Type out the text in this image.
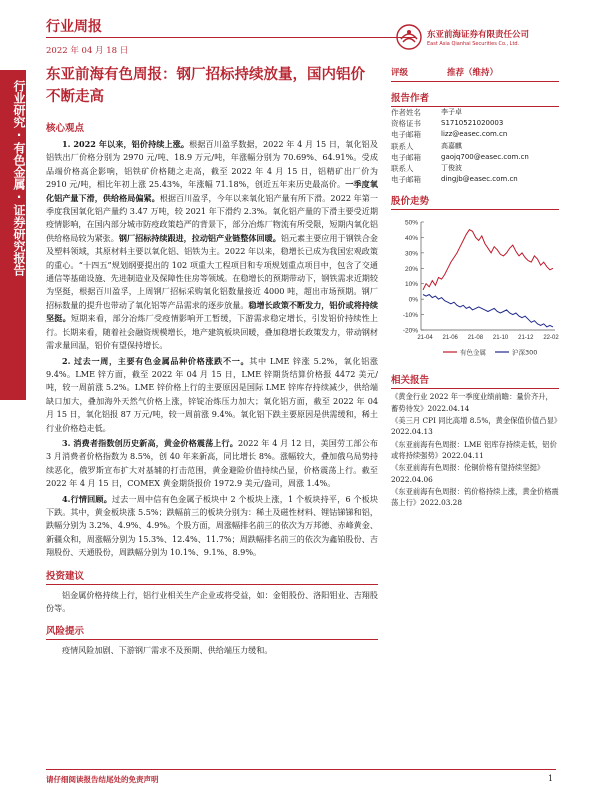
行业周报
2022 年 04 月 18 日
东亚前海证券有限责任公司
East Asia Qianhai Securities Co., Ltd.
行业研究·有色金属·证券研究报告
东亚前海有色周报：钢厂招标持续放量，国内铝价不断走高
核心观点

1. 2022 年以来，铝价持续上涨。根据百川盈孚数据，2022 年 4 月 15 日，氧化铝及铝铁出厂价格分别为 2970 元/吨、18.9 万元/吨，年涨幅分别为 70.69%、64.91%。受成品端价格高企影响，铝铁矿价格随之走高，截至 2022 年 4 月 15 日，铝精矿出厂价为 2910 元/吨，相比年初上涨 25.43%，年涨幅 71.18%，创近五年来历史最高价。一季度氧化铝产量下滑，供给格局偏紧。根据百川盈孚，今年以来氧化铝产量有所下滑。2022 年第一季度我国氧化铝产量约 3.47 万吨，较 2021 年下滑约 2.3%。氧化铝产量的下滑主要受近期疫情影响，在国内部分城市防疫政策趋严的背景下，部分冶炼厂物流有所受限，短期内氧化铝供给格局较为紧张。钢厂招标持续跟进，拉动铝产业链整体回暖。铝元素主要应用于钢铁合金及塑料领域，其原材料主要以氧化铝、铝铁为主。2022 年以来，稳增长已成为我国宏观政策的重心。“十四五”规划纲要提出的 102 项重大工程项目和专项规划重点项目中，包含了交通通信等基础设施、先进制造业及保障性住房等领域。在稳增长的预期带动下，钢铁需求近期较为坚挺，根据百川盈孚，上周钢厂招标采购氧化铝数量接近 4000 吨，超出市场预期。钢厂招标数量的提升也带动了氧化铝等产品需求的逐步放量。稳增长政策不断发力，铝价或将持续坚挺。短期来看，部分冶炼厂受疫情影响开工暂缓，下游需求稳定增长，引发铝价持续性上行。长期来看，随着社会融资规模增长，地产建筑板块回暖，叠加稳增长政策发力，带动钢材需求量回温，铝价有望保持增长。

2. 过去一周，主要有色金属品种价格涨跌不一。其中 LME 锌涨 5.2%，氧化铝涨 9.4%。LME 锌方面，截至 2022 年 04 月 15 日，LME 锌期货结算价格报 4472 美元/吨，较一周前涨 5.2%。LME 锌价格上行的主要原因是国际 LME 锌库存持续减少，供给端缺口加大，叠加海外天然气价格上涨，锌锭冶炼压力加大；氧化铝方面，截至 2022 年 04 月 15 日，氧化铝报 87 万元/吨，较一周前涨 9.4%。氧化铝下跌主要原因是供需缓和，稀土行业价格趋走低。

3. 消费者指数创历史新高，黄金价格震荡上行。2022 年 4 月 12 日，美国劳工部公布 3 月消费者价格指数为 8.5%，创 40 年来新高，同比增长 8%。涨幅较大，叠加俄乌局势持续恶化，俄罗斯宣布扩大对基辅的打击范围，黄金避险价值持续凸显，价格震荡上行。截至 2022 年 4 月 15 日，COMEX 黄金期货报价 1972.9 美元/盎司，周涨 1.4%。

4.行情回顾。过去一周中信有色金属子板块中 2 个板块上涨，1 个板块持平，6 个板块下跌。其中，黄金板块涨 5.5%；跌幅前三的板块分别为：稀土及磁性材料、锂钴锑锑和铝，跌幅分别为 3.2%、4.9%、4.9%。个股方面，周涨幅排名前三的依次为万邦德、赤峰黄金、新疆众和，周涨幅分别为 15.3%、12.4%、11.7%；周跌幅排名前三的依次为鑫铂股份、吉翔股份、天通股份，周跌幅分别为 10.1%、9.1%、8.9%。

投资建议

铝金属价格持续上行，铝行业相关生产企业或将受益，如：金钼股份、洛阳钼业、吉翔股份等。

风险提示

疫情风险加剧、下游钢厂需求不及预期、供给端压力缓和。

评级	推荐（维持）
报告作者
作者姓名	李子卓
资格证书	S1710521020003
电子邮箱	lizz@easec.com.cn
联系人	高嘉麒
电子邮箱	gaojq700@easec.com.cn
联系人	丁俊波
电子邮箱	dingjb@easec.com.cn
股价走势
50%
40%
30%
20%
10%
0%
-10%
-20%
21-04 21-06 21-08 21-10 21-12 22-02
有色金属	沪深300
相关报告
《黄金行业 2022 年一季度业绩前瞻：量价齐升，蓄势待发》2022.04.14
《美三月 CPI 同比高增 8.5%，黄金保值价值凸显》2022.04.13
《东亚前海有色周报：LME 铝库存持续走低，铝价或将持续强势》2022.04.11
《东亚前海有色周报：伦铜价格有望持续坚挺》2022.04.06
《东亚前海有色周报：钨价格持续上涨，黄金价格震荡上行》2022.03.28
请仔细阅读报告结尾处的免责声明	1
